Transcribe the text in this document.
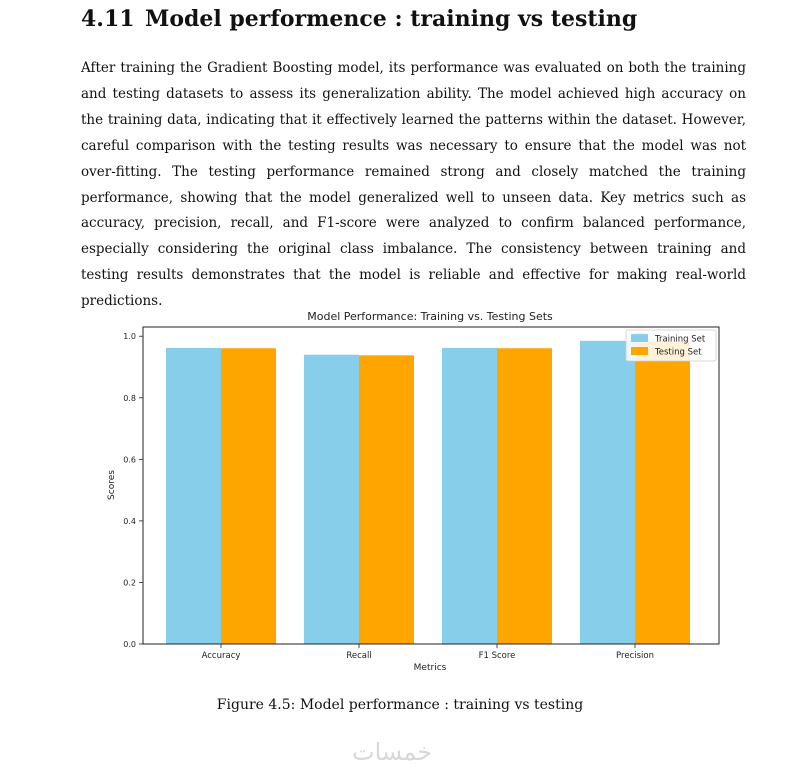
4.11 Model performence : training vs testing

After training the Gradient Boosting model, its performance was evaluated on both the training and testing datasets to assess its generalization ability. The model achieved high accuracy on the training data, indicating that it effectively learned the patterns within the dataset. However, careful comparison with the testing results was necessary to ensure that the model was not over-fitting. The testing performance remained strong and closely matched the training performance, showing that the model generalized well to unseen data. Key metrics such as accuracy, precision, recall, and F1-score were analyzed to confirm balanced performance, especially considering the original class imbalance. The consistency between training and testing results demonstrates that the model is reliable and effective for making real-world predictions.

Model Performance: Training vs. Testing Sets
0.0
0.2
0.4
0.6
0.8
1.0
Accuracy	Recall	F1 Score	Precision
Metrics
Scores
Training Set
Testing Set
Figure 4.5: Model performance : training vs testing
خمسات
